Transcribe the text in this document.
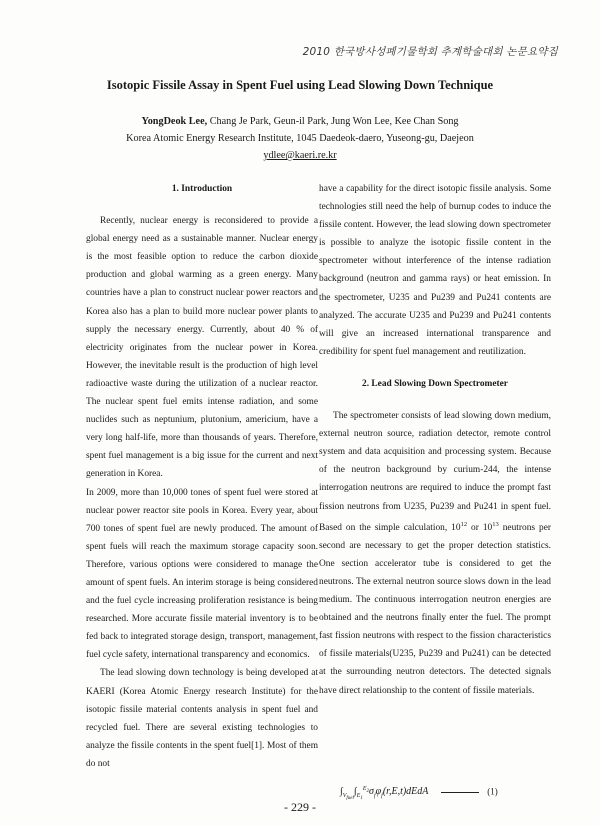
2010 한국방사성폐기물학회 추계학술대회 논문요약집
Isotopic Fissile Assay in Spent Fuel using Lead Slowing Down Technique
YongDeok Lee, Chang Je Park, Geun-il Park, Jung Won Lee, Kee Chan Song
Korea Atomic Energy Research Institute, 1045 Daedeok-daero, Yuseong-gu, Daejeon
ydlee@kaeri.re.kr

1. Introduction

Recently, nuclear energy is reconsidered to provide a global energy need as a sustainable manner. Nuclear energy is the most feasible option to reduce the carbon dioxide production and global warming as a green energy. Many countries have a plan to construct nuclear power reactors and Korea also has a plan to build more nuclear power plants to supply the necessary energy. Currently, about 40 % of electricity originates from the nuclear power in Korea. However, the inevitable result is the production of high level radioactive waste during the utilization of a nuclear reactor. The nuclear spent fuel emits intense radiation, and some nuclides such as neptunium, plutonium, americium, have a very long half-life, more than thousands of years. Therefore, spent fuel management is a big issue for the current and next generation in Korea.

In 2009, more than 10,000 tones of spent fuel were stored at nuclear power reactor site pools in Korea. Every year, about 700 tones of spent fuel are newly produced. The amount of spent fuels will reach the maximum storage capacity soon. Therefore, various options were considered to manage the amount of spent fuels. An interim storage is being considered and the fuel cycle increasing proliferation resistance is being researched. More accurate fissile material inventory is to be fed back to integrated storage design, transport, management, fuel cycle safety, international transparency and economics.

The lead slowing down technology is being developed at KAERI (Korea Atomic Energy research Institute) for the isotopic fissile material contents analysis in spent fuel and recycled fuel. There are several existing technologies to analyze the fissile contents in the spent fuel[1]. Most of them do not

have a capability for the direct isotopic fissile analysis. Some technologies still need the help of burnup codes to induce the fissile content. However, the lead slowing down spectrometer is possible to analyze the isotopic fissile content in the spectrometer without interference of the intense radiation background (neutron and gamma rays) or heat emission. In the spectrometer, U235 and Pu239 and Pu241 contents are analyzed. The accurate U235 and Pu239 and Pu241 contents will give an increased international transparence and credibility for spent fuel management and reutilization.

2. Lead Slowing Down Spectrometer

The spectrometer consists of lead slowing down medium, external neutron source, radiation detector, remote control system and data acquisition and processing system. Because of the neutron background by curium-244, the intense interrogation neutrons are required to induce the prompt fast fission neutrons from U235, Pu239 and Pu241 in spent fuel. Based on the simple calculation, $10^{12}$ or $10^{13}$ neutrons per second are necessary to get the proper detection statistics. One section accelerator tube is considered to get the neutrons. The external neutron source slows down in the lead medium. The continuous interrogation neutron energies are obtained and the neutrons finally enter the fuel. The prompt fast fission neutrons with respect to the fission characteristics of fissile materials(U235, Pu239 and Pu241) can be detected at the surrounding neutron detectors. The detected signals have direct relationship to the content of fissile materials.

$\int_{V_{fuel}}\int_{E_1}^{E_2}\sigma_f\varphi_f(r,E,t)dEdA$	(1)
- 229 -
